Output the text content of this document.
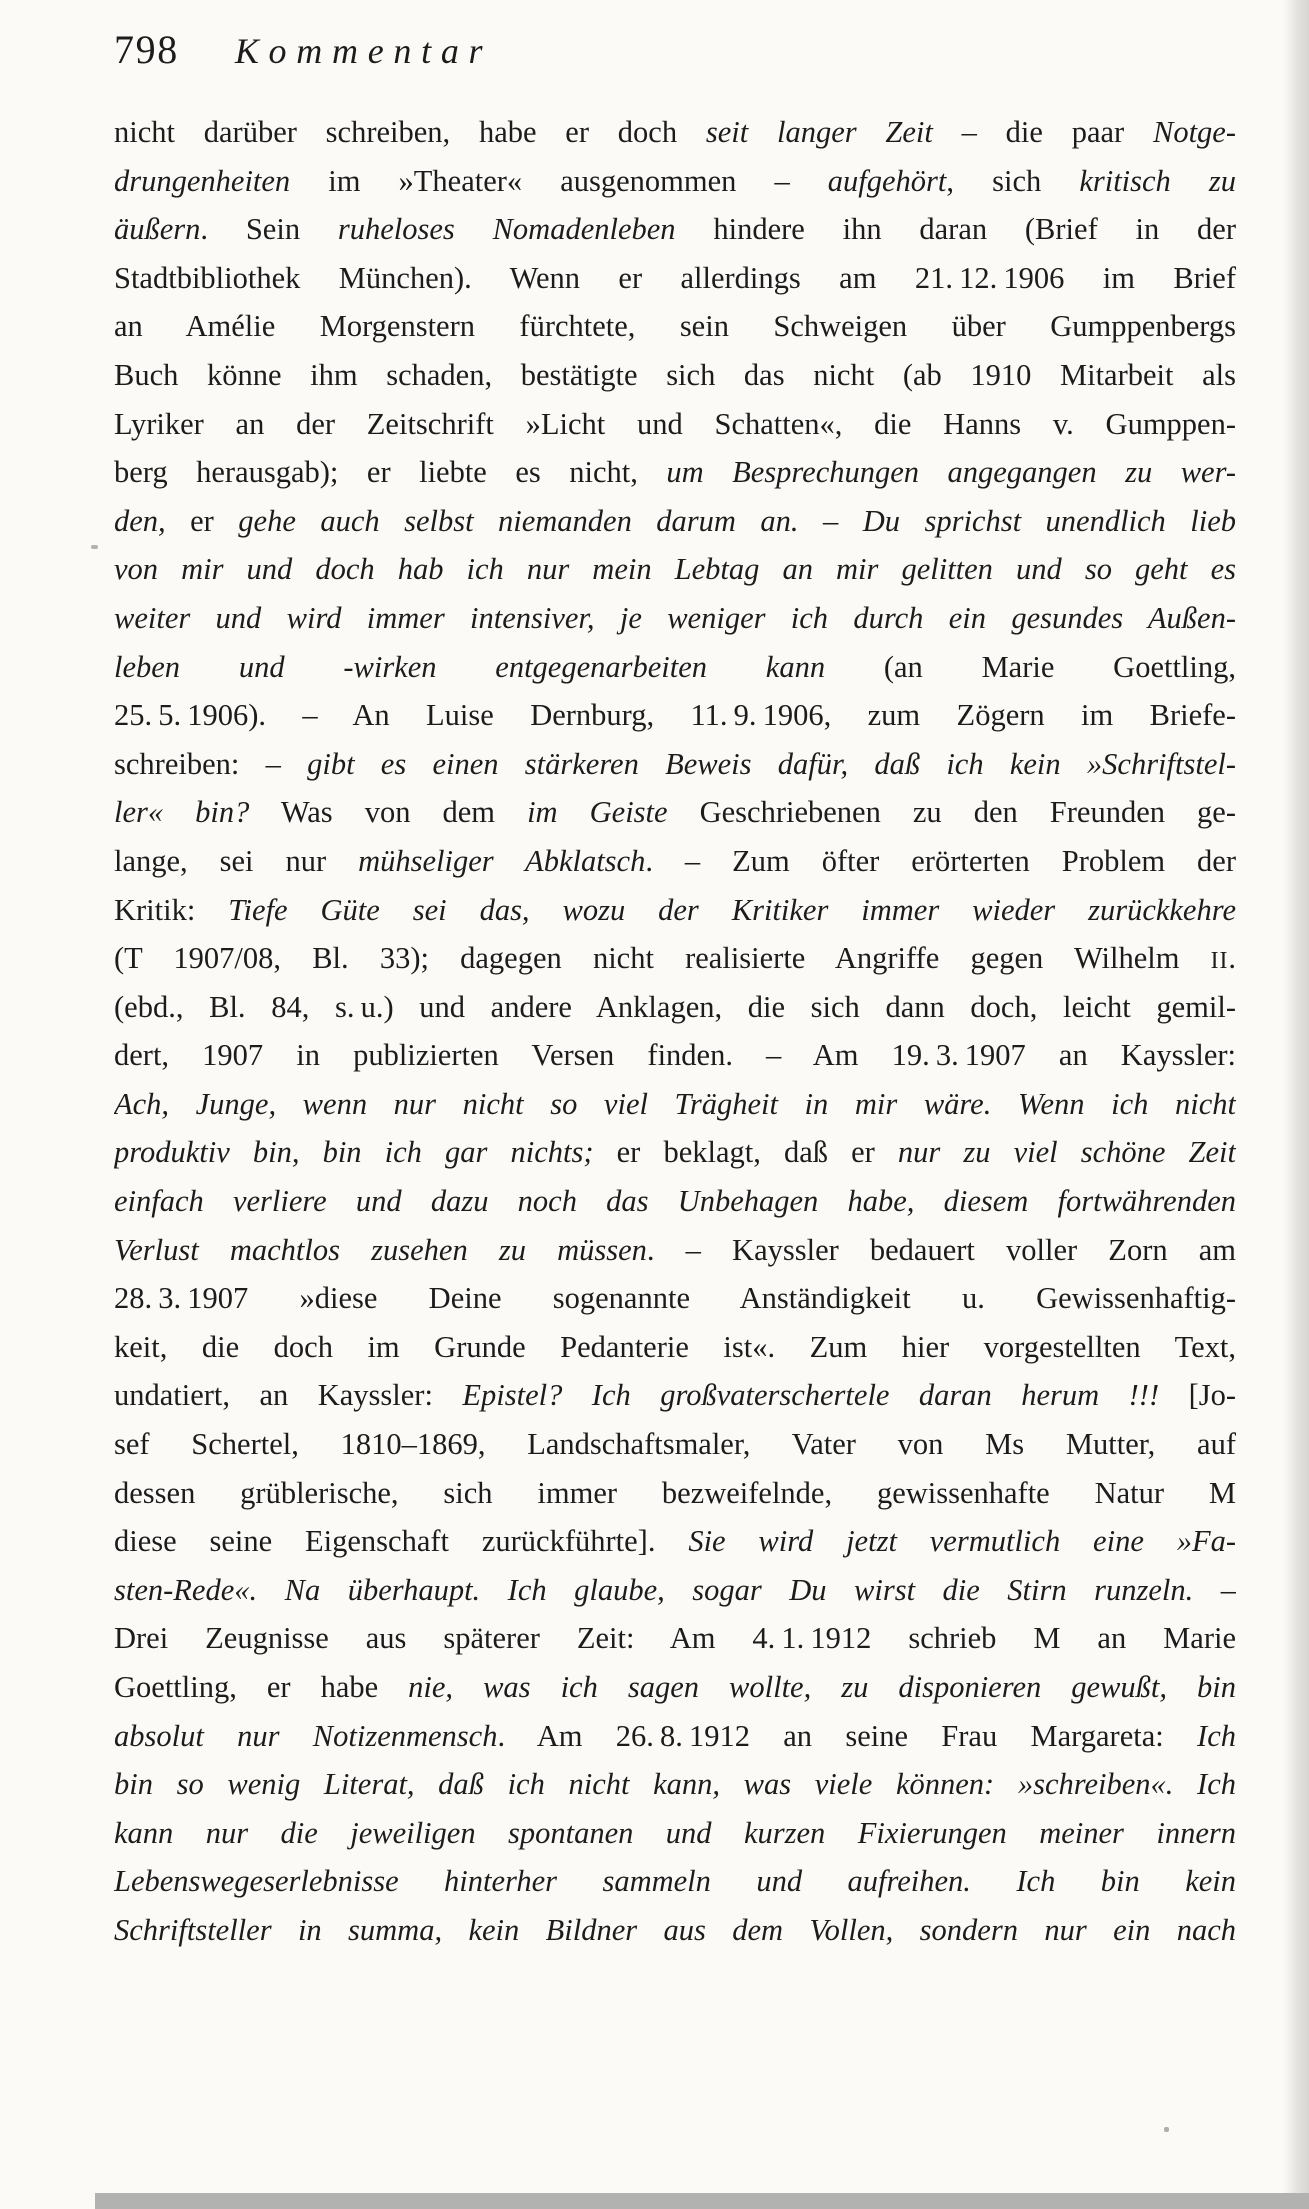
798 Kommentar
nicht darüber schreiben, habe er doch seit langer Zeit – die paar Notge-
drungenheiten im »Theater« ausgenommen – aufgehört, sich kritisch zu
äußern. Sein ruheloses Nomadenleben hindere ihn daran (Brief in der
Stadtbibliothek München). Wenn er allerdings am 21. 12. 1906 im Brief
an Amélie Morgenstern fürchtete, sein Schweigen über Gumppenbergs
Buch könne ihm schaden, bestätigte sich das nicht (ab 1910 Mitarbeit als
Lyriker an der Zeitschrift »Licht und Schatten«, die Hanns v. Gumppen-
berg herausgab); er liebte es nicht, um Besprechungen angegangen zu wer-
den, er gehe auch selbst niemanden darum an. – Du sprichst unendlich lieb
von mir und doch hab ich nur mein Lebtag an mir gelitten und so geht es
weiter und wird immer intensiver, je weniger ich durch ein gesundes Außen-
leben und -wirken entgegenarbeiten kann (an Marie Goettling,
25. 5. 1906). – An Luise Dernburg, 11. 9. 1906, zum Zögern im Briefe-
schreiben: – gibt es einen stärkeren Beweis dafür, daß ich kein »Schriftstel-
ler« bin? Was von dem im Geiste Geschriebenen zu den Freunden ge-
lange, sei nur mühseliger Abklatsch. – Zum öfter erörterten Problem der
Kritik: Tiefe Güte sei das, wozu der Kritiker immer wieder zurückkehre
(T 1907/08, Bl. 33); dagegen nicht realisierte Angriffe gegen Wilhelm II.
(ebd., Bl. 84, s. u.) und andere Anklagen, die sich dann doch, leicht gemil-
dert, 1907 in publizierten Versen finden. – Am 19. 3. 1907 an Kayssler:
Ach, Junge, wenn nur nicht so viel Trägheit in mir wäre. Wenn ich nicht
produktiv bin, bin ich gar nichts; er beklagt, daß er nur zu viel schöne Zeit
einfach verliere und dazu noch das Unbehagen habe, diesem fortwährenden
Verlust machtlos zusehen zu müssen. – Kayssler bedauert voller Zorn am
28. 3. 1907 »diese Deine sogenannte Anständigkeit u. Gewissenhaftig-
keit, die doch im Grunde Pedanterie ist«. Zum hier vorgestellten Text,
undatiert, an Kayssler: Epistel? Ich großvaterschertele daran herum !!! [Jo-
sef Schertel, 1810–1869, Landschaftsmaler, Vater von Ms Mutter, auf
dessen grüblerische, sich immer bezweifelnde, gewissenhafte Natur M
diese seine Eigenschaft zurückführte]. Sie wird jetzt vermutlich eine »Fa-
sten-Rede«. Na überhaupt. Ich glaube, sogar Du wirst die Stirn runzeln. –
Drei Zeugnisse aus späterer Zeit: Am 4. 1. 1912 schrieb M an Marie
Goettling, er habe nie, was ich sagen wollte, zu disponieren gewußt, bin
absolut nur Notizenmensch. Am 26. 8. 1912 an seine Frau Margareta: Ich
bin so wenig Literat, daß ich nicht kann, was viele können: »schreiben«. Ich
kann nur die jeweiligen spontanen und kurzen Fixierungen meiner innern
Lebenswegeserlebnisse hinterher sammeln und aufreihen. Ich bin kein
Schriftsteller in summa, kein Bildner aus dem Vollen, sondern nur ein nach
